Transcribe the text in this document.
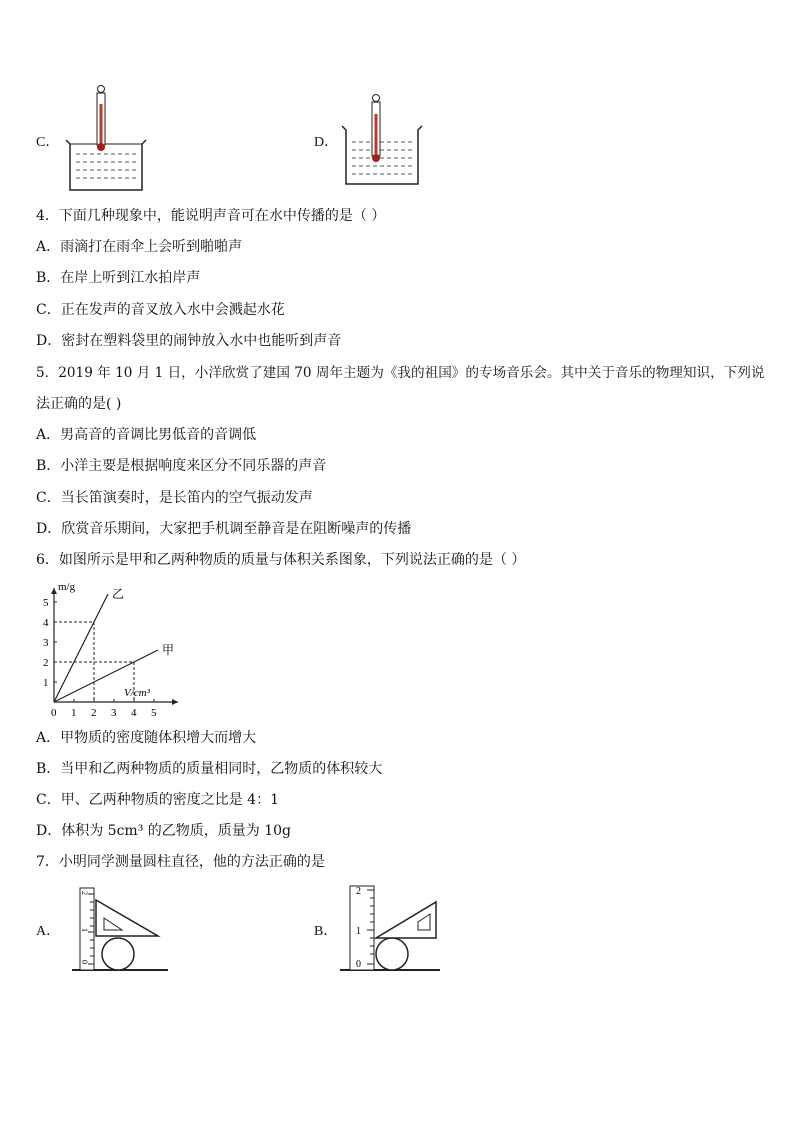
C．	D．
4．下面几种现象中，能说明声音可在水中传播的是（ ）
A．雨滴打在雨伞上会听到啪啪声
B．在岸上听到江水拍岸声
C．正在发声的音叉放入水中会溅起水花
D．密封在塑料袋里的闹钟放入水中也能听到声音
5．2019 年 10 月 1 日，小洋欣赏了建国 70 周年主题为《我的祖国》的专场音乐会。其中关于音乐的物理知识，下列说
法正确的是( )
A．男高音的音调比男低音的音调低
B．小洋主要是根据响度来区分不同乐器的声音
C．当长笛演奏时，是长笛内的空气振动发声
D．欣赏音乐期间，大家把手机调至静音是在阻断噪声的传播
6．如图所示是甲和乙两种物质的质量与体积关系图象，下列说法正确的是（ ）
m/g
V/cm³
0 1 2 3 4 5
1
2
3
4
5
乙
甲
A．甲物质的密度随体积增大而增大
B．当甲和乙两种物质的质量相同时，乙物质的体积较大
C．甲、乙两种物质的密度之比是 4：1
D．体积为 5cm³ 的乙物质，质量为 10g
7．小明同学测量圆柱直径，他的方法正确的是
A．
2
1
0
B．
2
1
0
